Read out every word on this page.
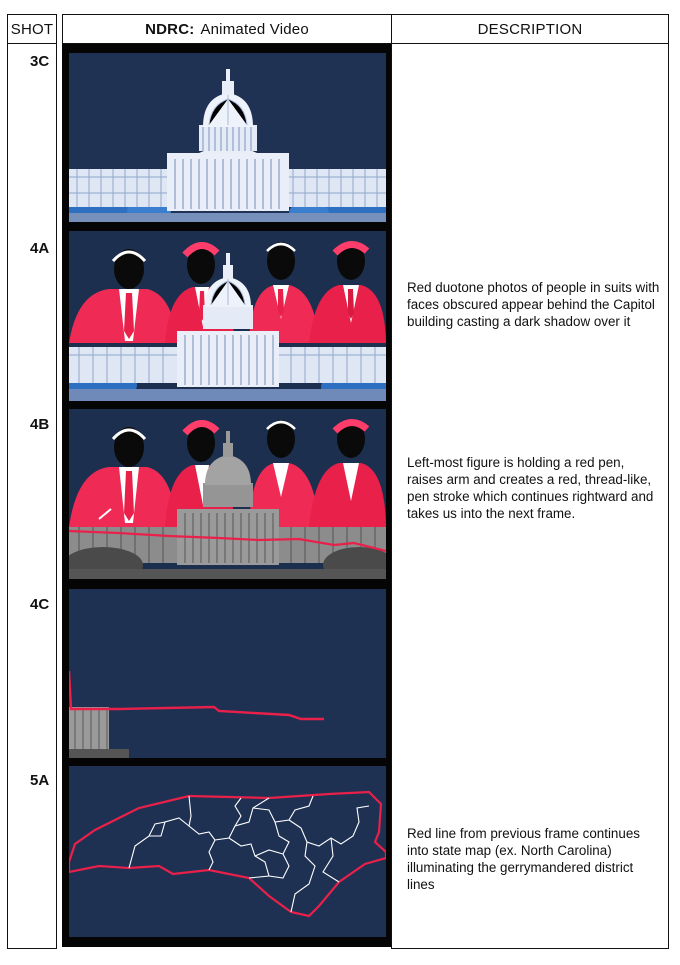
SHOT	NDRC: Animated Video	DESCRIPTION
3C
4A
4B
4C
5A
Red duotone photos of people in suits with faces obscured appear behind the Capitol building casting a dark shadow over it
Left-most figure is holding a red pen, raises arm and creates a red, thread-like, pen stroke which continues rightward and takes us into the next frame.
Red line from previous frame continues into state map (ex. North Carolina) illuminating the gerrymandered district lines
